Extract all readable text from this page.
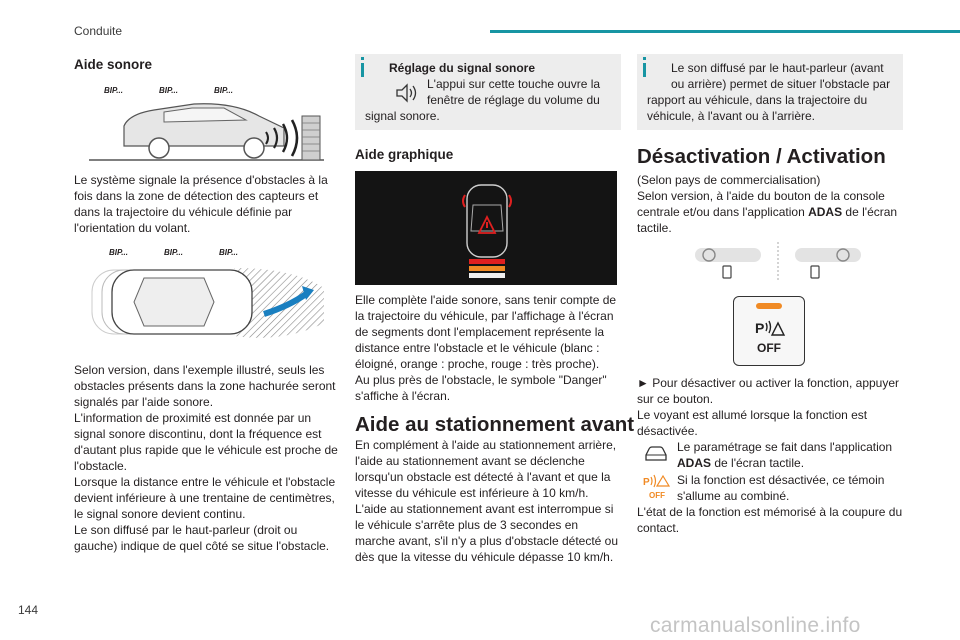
Conduite
144
carmanualsonline.info
Aide sonore
BIP...	BIP...	BIP...

Le système signale la présence d'obstacles à la fois dans la zone de détection des capteurs et dans la trajectoire du véhicule définie par l'orientation du volant.

BIP...	BIP...	BIP...

Selon version, dans l'exemple illustré, seuls les obstacles présents dans la zone hachurée seront signalés par l'aide sonore.

L'information de proximité est donnée par un signal sonore discontinu, dont la fréquence est d'autant plus rapide que le véhicule est proche de l'obstacle.

Lorsque la distance entre le véhicule et l'obstacle devient inférieure à une trentaine de centimètres, le signal sonore devient continu.

Le son diffusé par le haut-parleur (droit ou gauche) indique de quel côté se situe l'obstacle.

Réglage du signal sonore

L'appui sur cette touche ouvre la fenêtre de réglage du volume du

signal sonore.

Aide graphique

Elle complète l'aide sonore, sans tenir compte de la trajectoire du véhicule, par l'affichage à l'écran de segments dont l'emplacement représente la distance entre l'obstacle et le véhicule (blanc : éloigné, orange : proche, rouge : très proche).

Au plus près de l'obstacle, le symbole "Danger" s'affiche à l'écran.

Aide au stationnement avant

En complément à l'aide au stationnement arrière, l'aide au stationnement avant se déclenche lorsqu'un obstacle est détecté à l'avant et que la vitesse du véhicule est inférieure à 10 km/h.

L'aide au stationnement avant est interrompue si le véhicule s'arrête plus de 3 secondes en marche avant, s'il n'y a plus d'obstacle détecté ou dès que la vitesse du véhicule dépasse 10 km/h.

Le son diffusé par le haut-parleur (avant ou arrière) permet de situer l'obstacle par

rapport au véhicule, dans la trajectoire du véhicule, à l'avant ou à l'arrière.

Désactivation / Activation

(Selon pays de commercialisation)

Selon version, à l'aide du bouton de la console centrale et/ou dans l'application ADAS de l'écran tactile.

P
OFF

► Pour désactiver ou activer la fonction, appuyer sur ce bouton.

Le voyant est allumé lorsque la fonction est désactivée.

Le paramétrage se fait dans l'application ADAS de l'écran tactile.

P
OFF

Si la fonction est désactivée, ce témoin s'allume au combiné.

L'état de la fonction est mémorisé à la coupure du contact.
